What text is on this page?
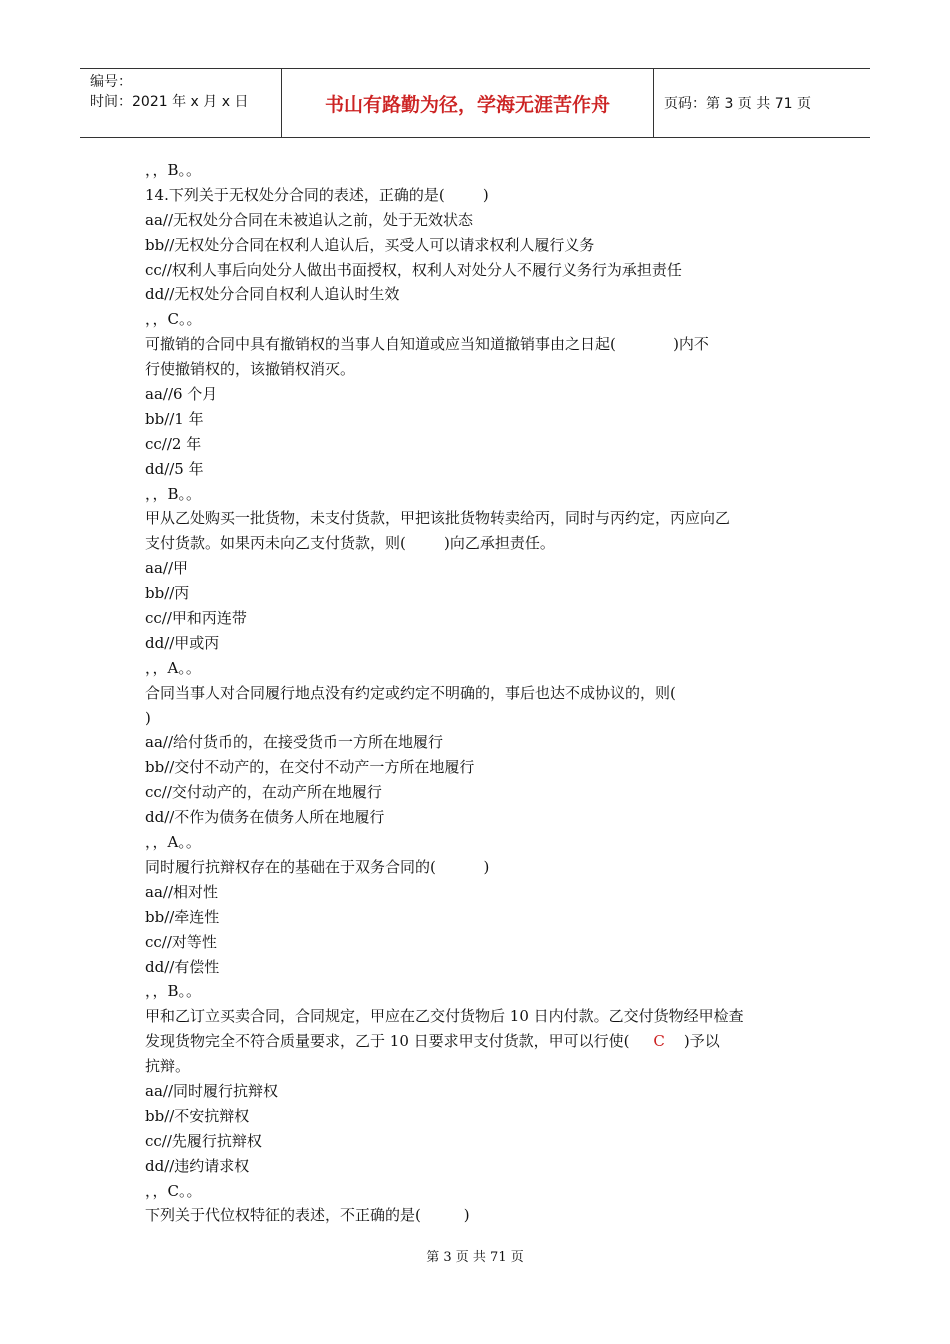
编号：
时间：2021 年 x 月 x 日	书山有路勤为径，学海无涯苦作舟	页码：第 3 页 共 71 页
，，B。。
14.下列关于无权处分合同的表述，正确的是(        )
aa//无权处分合同在未被追认之前，处于无效状态
bb//无权处分合同在权利人追认后，买受人可以请求权利人履行义务
cc//权利人事后向处分人做出书面授权，权利人对处分人不履行义务行为承担责任
dd//无权处分合同自权利人追认时生效
，，C。。
可撤销的合同中具有撤销权的当事人自知道或应当知道撤销事由之日起(            )内不
行使撤销权的，该撤销权消灭。
aa//6 个月
bb//1 年
cc//2 年
dd//5 年
，，B。。
甲从乙处购买一批货物，未支付货款，甲把该批货物转卖给丙，同时与丙约定，丙应向乙
支付货款。如果丙未向乙支付货款，则(        )向乙承担责任。
aa//甲
bb//丙
cc//甲和丙连带
dd//甲或丙
，，A。。
合同当事人对合同履行地点没有约定或约定不明确的，事后也达不成协议的，则(
)
aa//给付货币的，在接受货币一方所在地履行
bb//交付不动产的，在交付不动产一方所在地履行
cc//交付动产的，在动产所在地履行
dd//不作为债务在债务人所在地履行
，，A。。
同时履行抗辩权存在的基础在于双务合同的(          )
aa//相对性
bb//牵连性
cc//对等性
dd//有偿性
，，B。。
甲和乙订立买卖合同，合同规定，甲应在乙交付货物后 10 日内付款。乙交付货物经甲检查
发现货物完全不符合质量要求，乙于 10 日要求甲支付货款，甲可以行使(     C    )予以
抗辩。
aa//同时履行抗辩权
bb//不安抗辩权
cc//先履行抗辩权
dd//违约请求权
，，C。。
下列关于代位权特征的表述，不正确的是(         )
第 3 页 共 71 页
